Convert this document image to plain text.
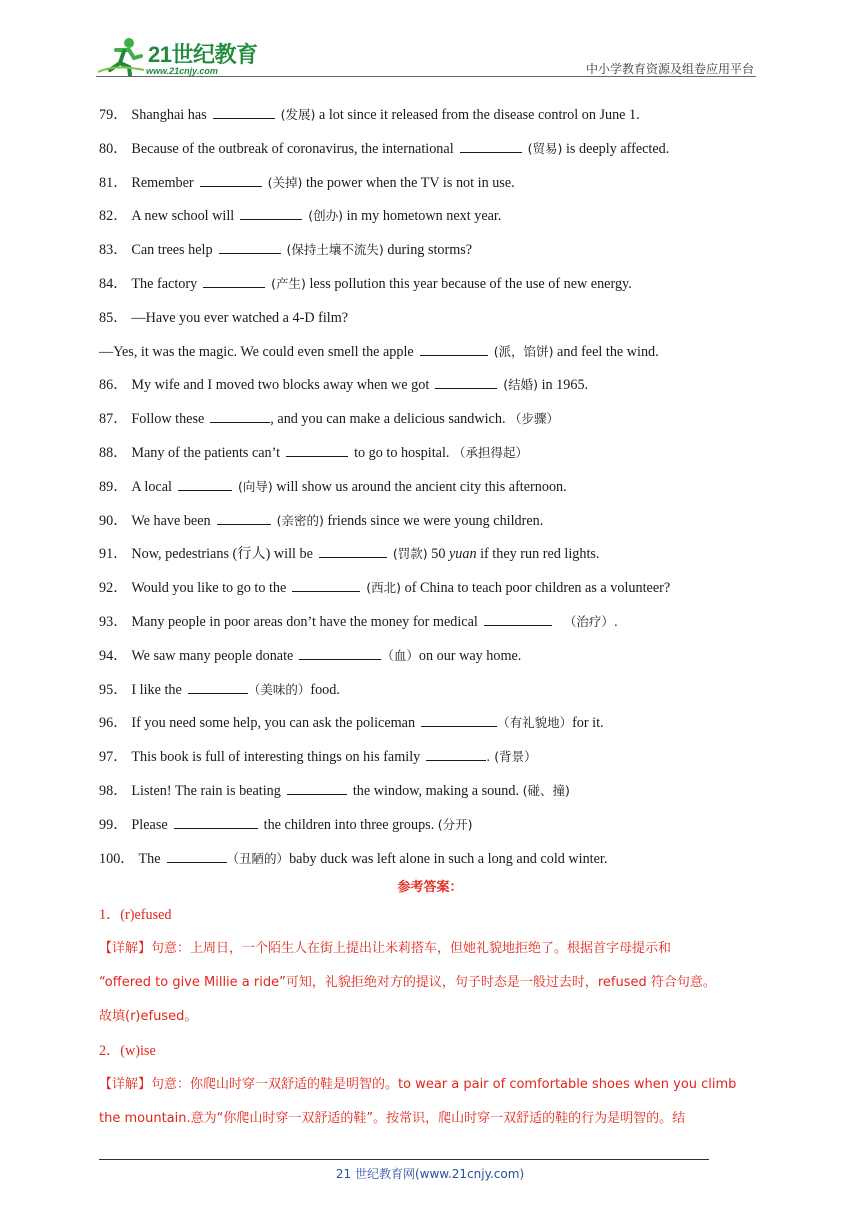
21世纪教育
www.21cnjy.com	中小学教育资源及组卷应用平台
79． Shanghai has	(发展) a lot since it released from the disease control on June 1.
80． Because of the outbreak of coronavirus, the international	(贸易) is deeply affected.
81． Remember	(关掉) the power when the TV is not in use.
82． A new school will	(创办) in my hometown next year.
83． Can trees help	(保持土壤不流失) during storms?
84． The factory	(产生) less pollution this year because of the use of new energy.
85． —Have you ever watched a 4-D film?
—Yes, it was the magic. We could even smell the apple	(派，馅饼) and feel the wind.
86． My wife and I moved two blocks away when we got	(结婚) in 1965.
87． Follow these	, and you can make a delicious sandwich. （步骤）
88． Many of the patients can’t	to go to hospital. （承担得起）
89． A local	(向导) will show us around the ancient city this afternoon.
90． We have been	(亲密的) friends since we were young children.
91． Now, pedestrians (行人) will be	(罚款) 50 yuan if they run red lights.
92． Would you like to go to the	(西北) of China to teach poor children as a volunteer?
93． Many people in poor areas don’t have the money for medical	（治疗）.
94． We saw many people donate	（血）on our way home.
95． I like the	（美味的）food.
96． If you need some help, you can ask the policeman	（有礼貌地）for it.
97． This book is full of interesting things on his family	. (背景）
98． Listen! The rain is beating	the window, making a sound. (碰、撞)
99． Please	the children into three groups. (分开)
100． The	（丑陋的）baby duck was left alone in such a long and cold winter.
参考答案：
1．(r)efused
【详解】句意：上周日，一个陌生人在街上提出让米莉搭车，但她礼貌地拒绝了。根据首字母提示和
“offered to give Millie a ride”可知，礼貌拒绝对方的提议，句子时态是一般过去时，refused 符合句意。
故填(r)efused。
2．(w)ise
【详解】句意：你爬山时穿一双舒适的鞋是明智的。to wear a pair of comfortable shoes when you climb
the mountain.意为“你爬山时穿一双舒适的鞋”。按常识，爬山时穿一双舒适的鞋的行为是明智的。结
21 世纪教育网(www.21cnjy.com)
